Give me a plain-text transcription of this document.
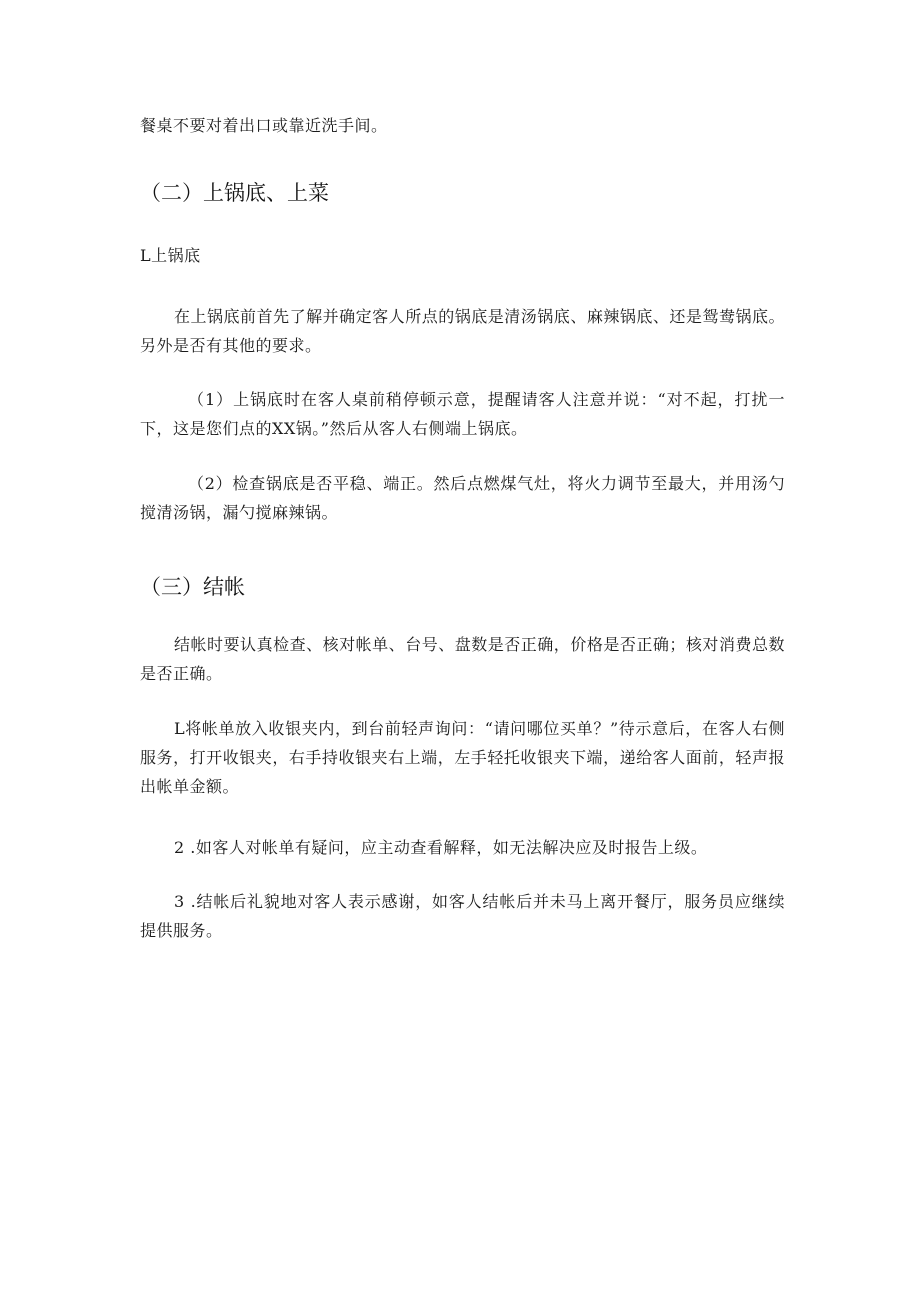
餐桌不要对着出口或靠近洗手间。
（二）上锅底、上菜
L上锅底
在上锅底前首先了解并确定客人所点的锅底是清汤锅底、麻辣锅底、还是鸳鸯锅底。另外是否有其他的要求。
（1）上锅底时在客人桌前稍停顿示意，提醒请客人注意并说：“对不起，打扰一下，这是您们点的XX锅。”然后从客人右侧端上锅底。
（2）检查锅底是否平稳、端正。然后点燃煤气灶，将火力调节至最大，并用汤勺搅清汤锅，漏勺搅麻辣锅。
（三）结帐
结帐时要认真检查、核对帐单、台号、盘数是否正确，价格是否正确；核对消费总数是否正确。
L将帐单放入收银夹内，到台前轻声询问：“请问哪位买单？”待示意后，在客人右侧服务，打开收银夹，右手持收银夹右上端，左手轻托收银夹下端，递给客人面前，轻声报出帐单金额。
2 .如客人对帐单有疑问，应主动查看解释，如无法解决应及时报告上级。
3 .结帐后礼貌地对客人表示感谢，如客人结帐后并未马上离开餐厅，服务员应继续提供服务。
